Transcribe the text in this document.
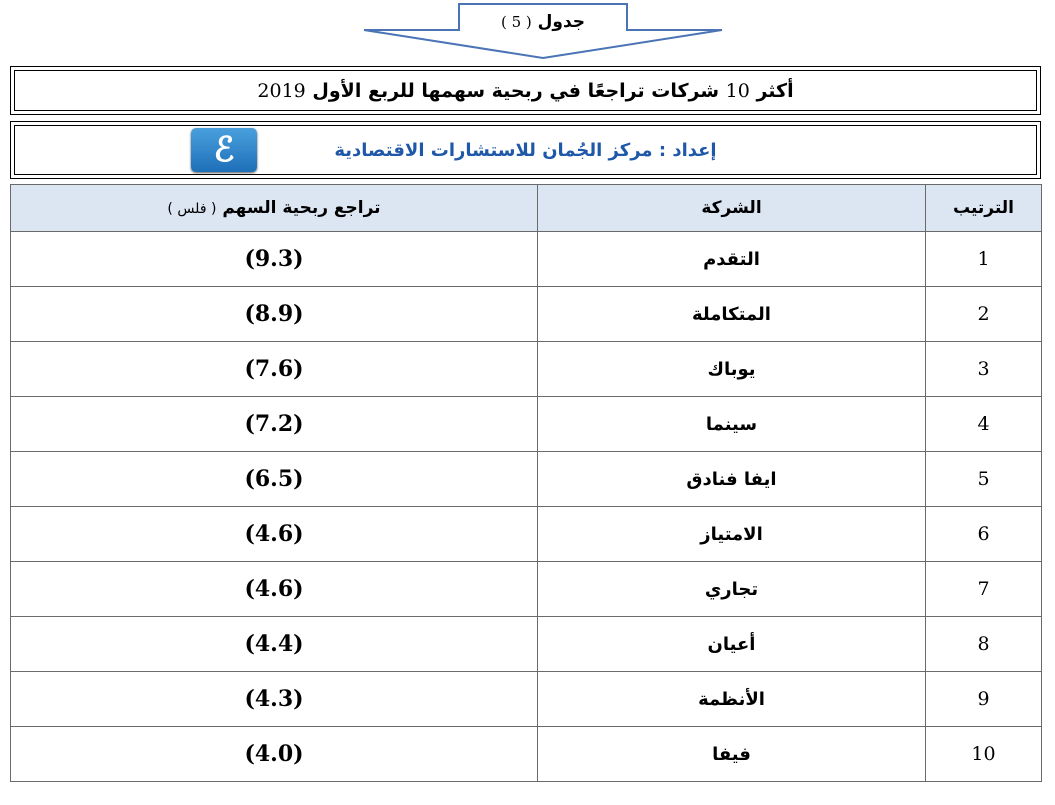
جدول ( 5 )
أكثر 10 شركات تراجعًا في ربحية سهمها للربع الأول 2019
ℰ	إعداد : مركز الجُمان للاستشارات الاقتصادية
تراجع ربحية السهم ( فلس )	الشركة	الترتيب
(9.3)	التقدم	1
(8.9)	المتكاملة	2
(7.6)	يوباك	3
(7.2)	سينما	4
(6.5)	ايفا فنادق	5
(4.6)	الامتياز	6
(4.6)	تجاري	7
(4.4)	أعيان	8
(4.3)	الأنظمة	9
(4.0)	فيفا	10
